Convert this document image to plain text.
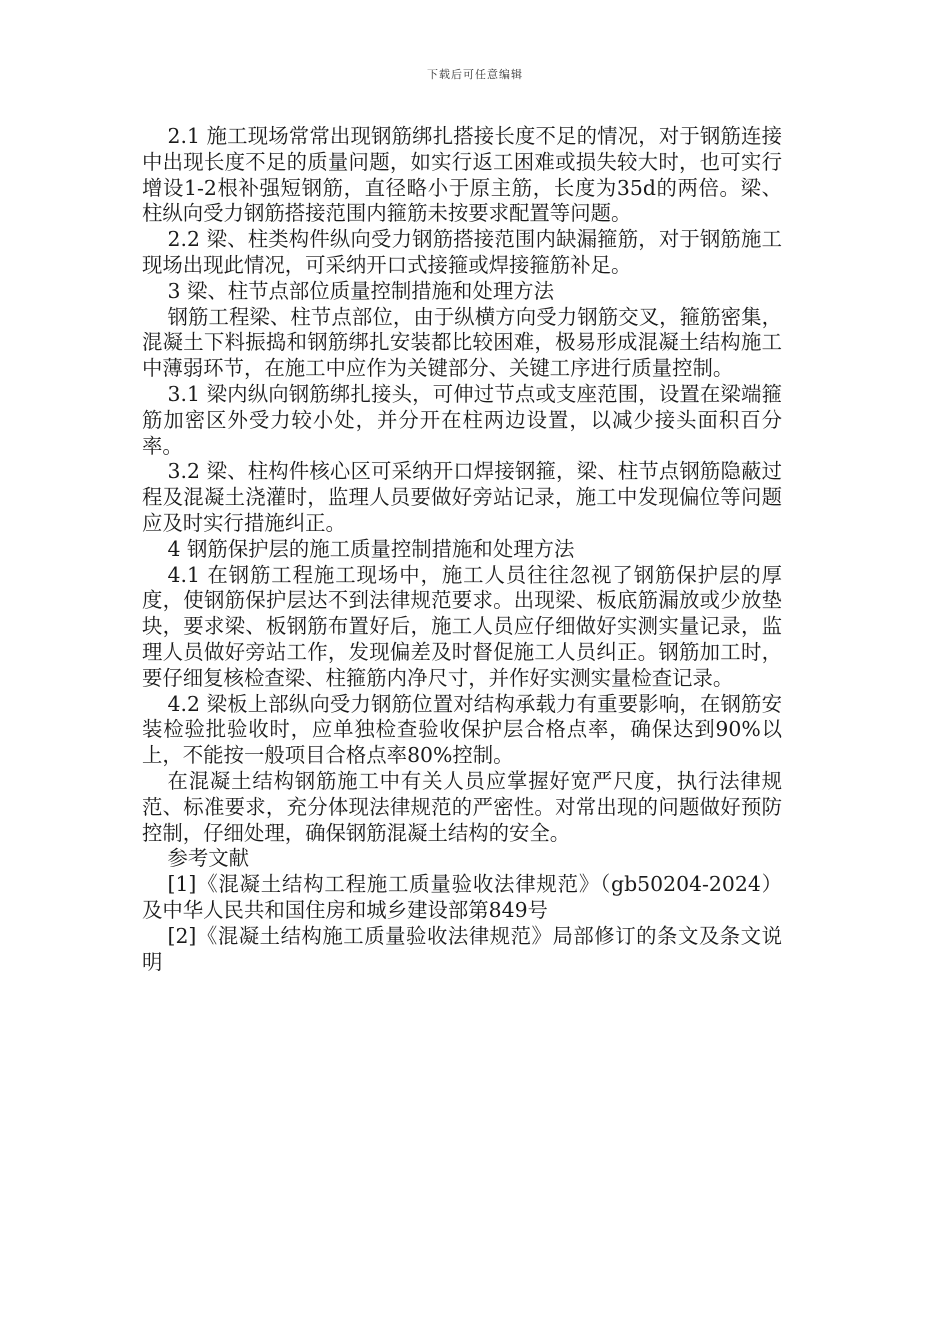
下载后可任意编辑

2.1 施工现场常常出现钢筋绑扎搭接长度不足的情况，对于钢筋连接中出现长度不足的质量问题，如实行返工困难或损失较大时，也可实行增设1-2根补强短钢筋，直径略小于原主筋，长度为35d的两倍。梁、柱纵向受力钢筋搭接范围内箍筋未按要求配置等问题。

2.2 梁、柱类构件纵向受力钢筋搭接范围内缺漏箍筋，对于钢筋施工现场出现此情况，可采纳开口式接箍或焊接箍筋补足。

3 梁、柱节点部位质量控制措施和处理方法

钢筋工程梁、柱节点部位，由于纵横方向受力钢筋交叉，箍筋密集，混凝土下料振捣和钢筋绑扎安装都比较困难，极易形成混凝土结构施工中薄弱环节，在施工中应作为关键部分、关键工序进行质量控制。

3.1 梁内纵向钢筋绑扎接头，可伸过节点或支座范围，设置在梁端箍筋加密区外受力较小处，并分开在柱两边设置，以减少接头面积百分率。

3.2 梁、柱构件核心区可采纳开口焊接钢箍，梁、柱节点钢筋隐蔽过程及混凝土浇灌时，监理人员要做好旁站记录，施工中发现偏位等问题应及时实行措施纠正。

4 钢筋保护层的施工质量控制措施和处理方法

4.1 在钢筋工程施工现场中，施工人员往往忽视了钢筋保护层的厚度，使钢筋保护层达不到法律规范要求。出现梁、板底筋漏放或少放垫块，要求梁、板钢筋布置好后，施工人员应仔细做好实测实量记录，监理人员做好旁站工作，发现偏差及时督促施工人员纠正。钢筋加工时，要仔细复核检查梁、柱箍筋内净尺寸，并作好实测实量检查记录。

4.2 梁板上部纵向受力钢筋位置对结构承载力有重要影响，在钢筋安装检验批验收时，应单独检查验收保护层合格点率，确保达到90%以上，不能按一般项目合格点率80%控制。

在混凝土结构钢筋施工中有关人员应掌握好宽严尺度，执行法律规范、标准要求，充分体现法律规范的严密性。对常出现的问题做好预防控制，仔细处理，确保钢筋混凝土结构的安全。

参考文献

[1]《混凝土结构工程施工质量验收法律规范》（gb50204-2024）及中华人民共和国住房和城乡建设部第849号

[2]《混凝土结构施工质量验收法律规范》局部修订的条文及条文说明
